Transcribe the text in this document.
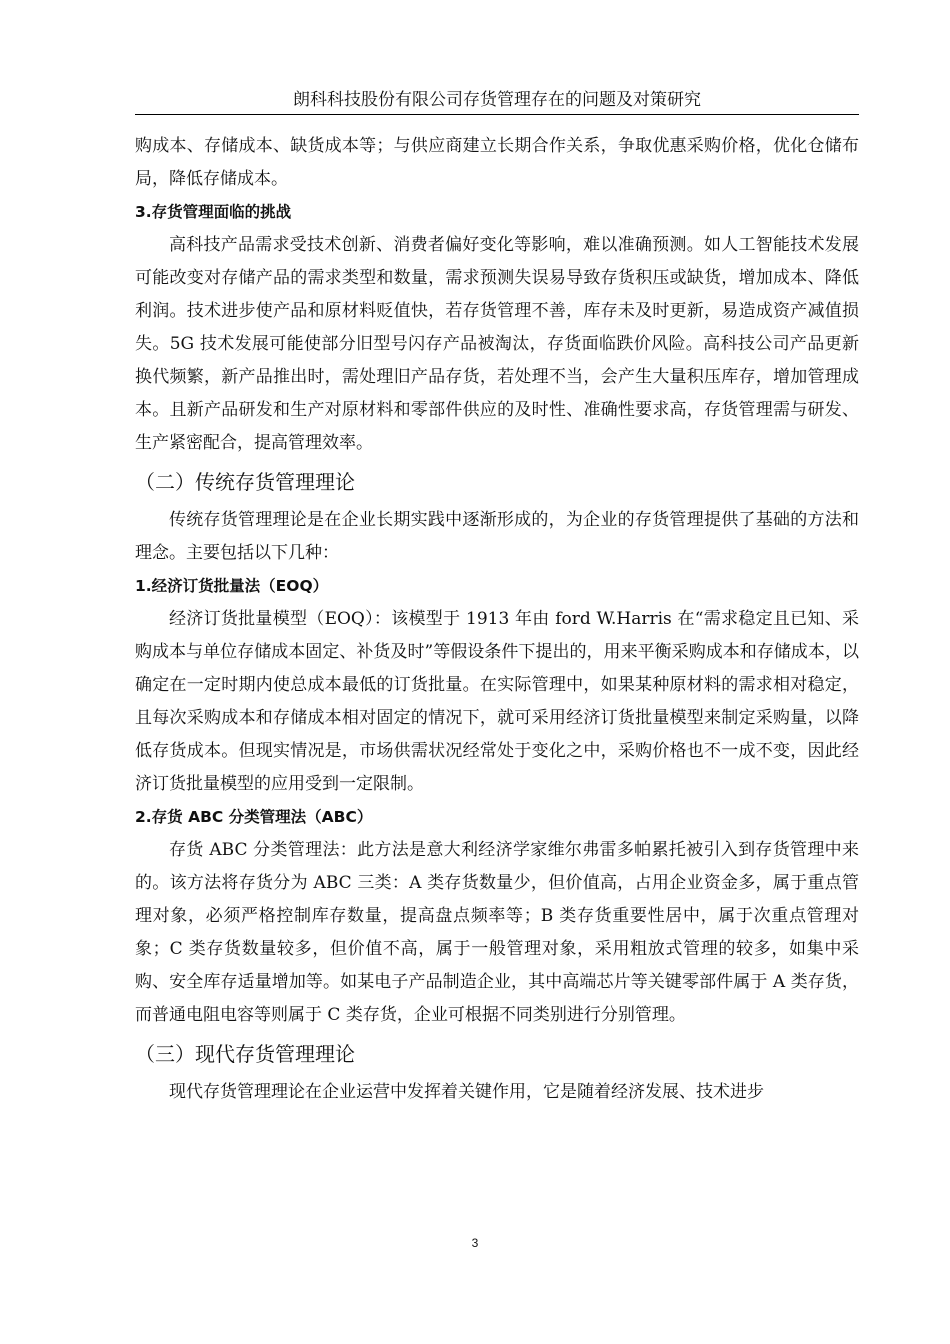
朗科科技股份有限公司存货管理存在的问题及对策研究

购成本、存储成本、缺货成本等；与供应商建立长期合作关系，争取优惠采购价格，优化仓储布局，降低存储成本。

3.存货管理面临的挑战

高科技产品需求受技术创新、消费者偏好变化等影响，难以准确预测。如人工智能技术发展可能改变对存储产品的需求类型和数量，需求预测失误易导致存货积压或缺货，增加成本、降低利润。技术进步使产品和原材料贬值快，若存货管理不善，库存未及时更新，易造成资产减值损失。5G 技术发展可能使部分旧型号闪存产品被淘汰，存货面临跌价风险。高科技公司产品更新换代频繁，新产品推出时，需处理旧产品存货，若处理不当，会产生大量积压库存，增加管理成本。且新产品研发和生产对原材料和零部件供应的及时性、准确性要求高，存货管理需与研发、生产紧密配合，提高管理效率。

（二）传统存货管理理论

传统存货管理理论是在企业长期实践中逐渐形成的，为企业的存货管理提供了基础的方法和理念。主要包括以下几种：

1.经济订货批量法（EOQ）

经济订货批量模型（EOQ）：该模型于 1913 年由 ford W.Harris 在“需求稳定且已知、采购成本与单位存储成本固定、补货及时”等假设条件下提出的，用来平衡采购成本和存储成本，以确定在一定时期内使总成本最低的订货批量。在实际管理中，如果某种原材料的需求相对稳定，且每次采购成本和存储成本相对固定的情况下，就可采用经济订货批量模型来制定采购量，以降低存货成本。但现实情况是，市场供需状况经常处于变化之中，采购价格也不一成不变，因此经济订货批量模型的应用受到一定限制。

2.存货 ABC 分类管理法（ABC）

存货 ABC 分类管理法：此方法是意大利经济学家维尔弗雷多帕累托被引入到存货管理中来的。该方法将存货分为 ABC 三类：A 类存货数量少，但价值高，占用企业资金多，属于重点管理对象，必须严格控制库存数量，提高盘点频率等；B 类存货重要性居中，属于次重点管理对象；C 类存货数量较多，但价值不高，属于一般管理对象，采用粗放式管理的较多，如集中采购、安全库存适量增加等。如某电子产品制造企业，其中高端芯片等关键零部件属于 A 类存货，而普通电阻电容等则属于 C 类存货，企业可根据不同类别进行分别管理。

（三）现代存货管理理论

现代存货管理理论在企业运营中发挥着关键作用，它是随着经济发展、技术进步

3
